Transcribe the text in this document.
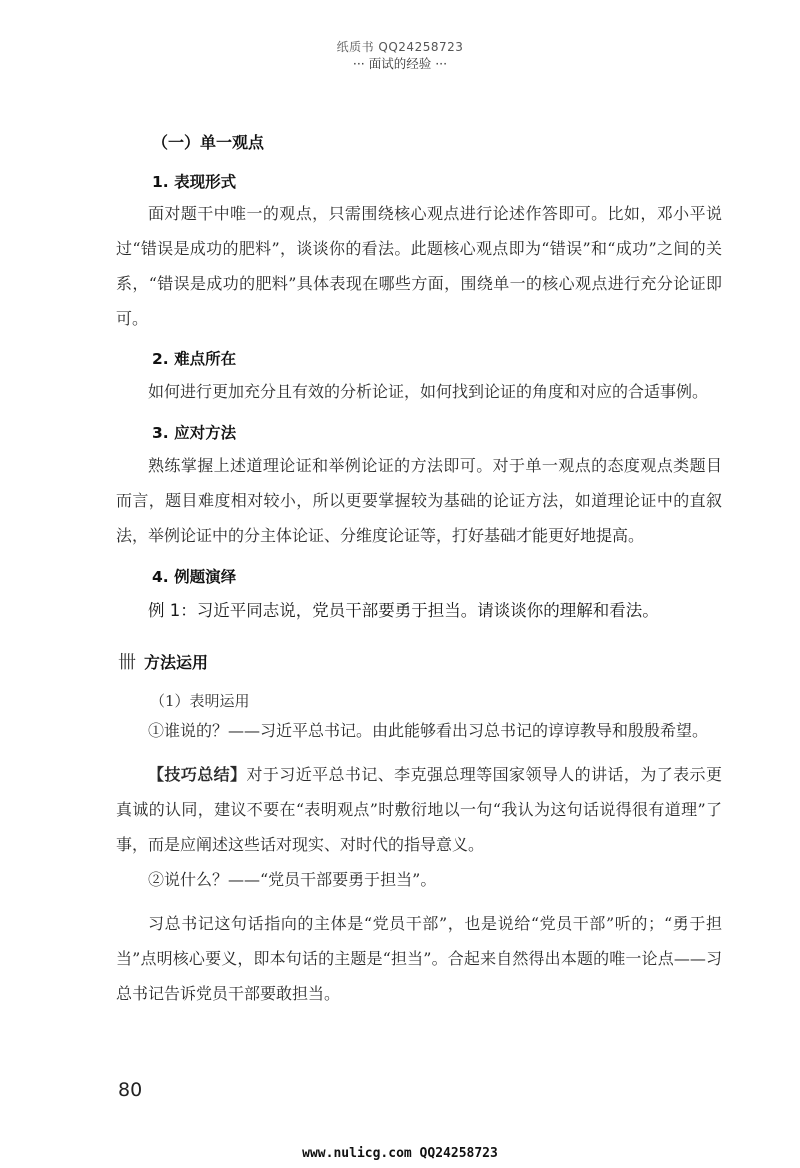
纸质书 QQ24258723
··· 面试的经验 ···
（一）单一观点
1. 表现形式

面对题干中唯一的观点，只需围绕核心观点进行论述作答即可。比如，邓小平说过“错误是成功的肥料”，谈谈你的看法。此题核心观点即为“错误”和“成功”之间的关系，“错误是成功的肥料”具体表现在哪些方面，围绕单一的核心观点进行充分论证即可。

2. 难点所在

如何进行更加充分且有效的分析论证，如何找到论证的角度和对应的合适事例。

3. 应对方法

熟练掌握上述道理论证和举例论证的方法即可。对于单一观点的态度观点类题目而言，题目难度相对较小，所以更要掌握较为基础的论证方法，如道理论证中的直叙法，举例论证中的分主体论证、分维度论证等，打好基础才能更好地提高。

4. 例题演绎
例 1：习近平同志说，党员干部要勇于担当。请谈谈你的理解和看法。
卌 方法运用
（1）表明运用

①谁说的？——习近平总书记。由此能够看出习总书记的谆谆教导和殷殷希望。

【技巧总结】对于习近平总书记、李克强总理等国家领导人的讲话，为了表示更真诚的认同，建议不要在“表明观点”时敷衍地以一句“我认为这句话说得很有道理”了事，而是应阐述这些话对现实、对时代的指导意义。

②说什么？——“党员干部要勇于担当”。

习总书记这句话指向的主体是“党员干部”，也是说给“党员干部”听的；“勇于担当”点明核心要义，即本句话的主题是“担当”。合起来自然得出本题的唯一论点——习总书记告诉党员干部要敢担当。

80
www.nulicg.com QQ24258723
